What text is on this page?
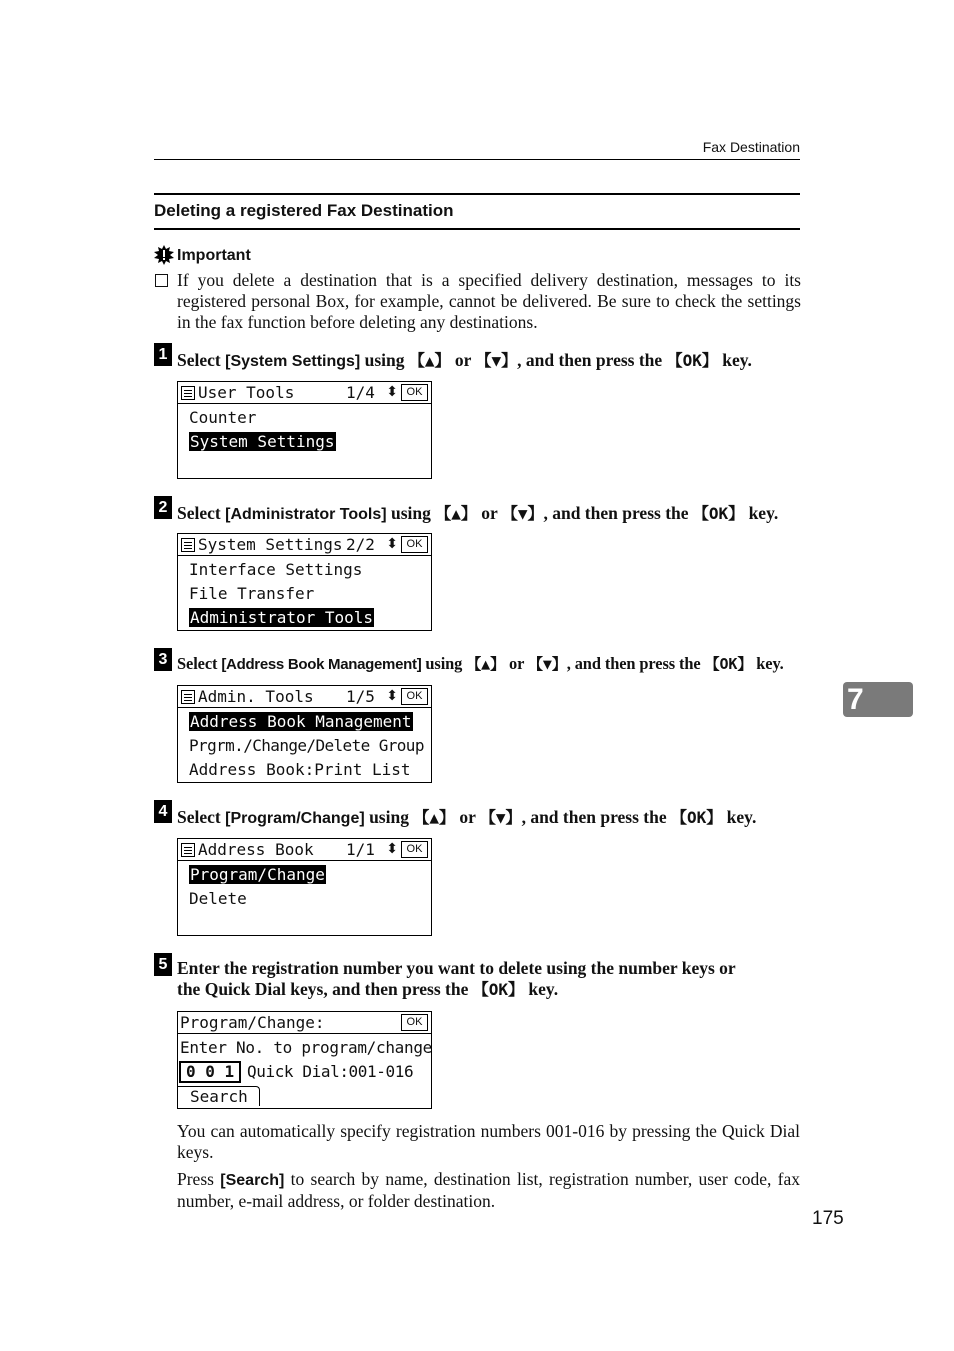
Fax Destination
Deleting a registered Fax Destination
Important
If you delete a destination that is a specified delivery destination, messages to its registered personal Box, for example, cannot be delivered. Be sure to check the settings in the fax function before deleting any destinations.
1 Select [System Settings] using 【▲】 or 【▼】, and then press the 【OK】 key.
User Tools	1/4 ⬍ OK
Counter
System Settings
2 Select [Administrator Tools] using 【▲】 or 【▼】, and then press the 【OK】 key.
System Settings 2/2 ⬍ OK
Interface Settings
File Transfer
Administrator Tools
3 Select [Address Book Management] using 【▲】 or 【▼】, and then press the 【OK】 key.
Admin. Tools 1/5 ⬍ OK
Address Book Management
Prgrm./Change/Delete Group
Address Book:Print List
4 Select [Program/Change] using 【▲】 or 【▼】, and then press the 【OK】 key.
Address Book 1/1 ⬍ OK
Program/Change
Delete
5 Enter the registration number you want to delete using the number keys or
the Quick Dial keys, and then press the 【OK】 key.
Program/Change:	OK
Enter No. to program/change
0 0 1 Quick Dial:001-016
Search
You can automatically specify registration numbers 001-016 by pressing the Quick Dial keys.
Press [Search] to search by name, destination list, registration number, user code, fax number, e-mail address, or folder destination.
7
175
